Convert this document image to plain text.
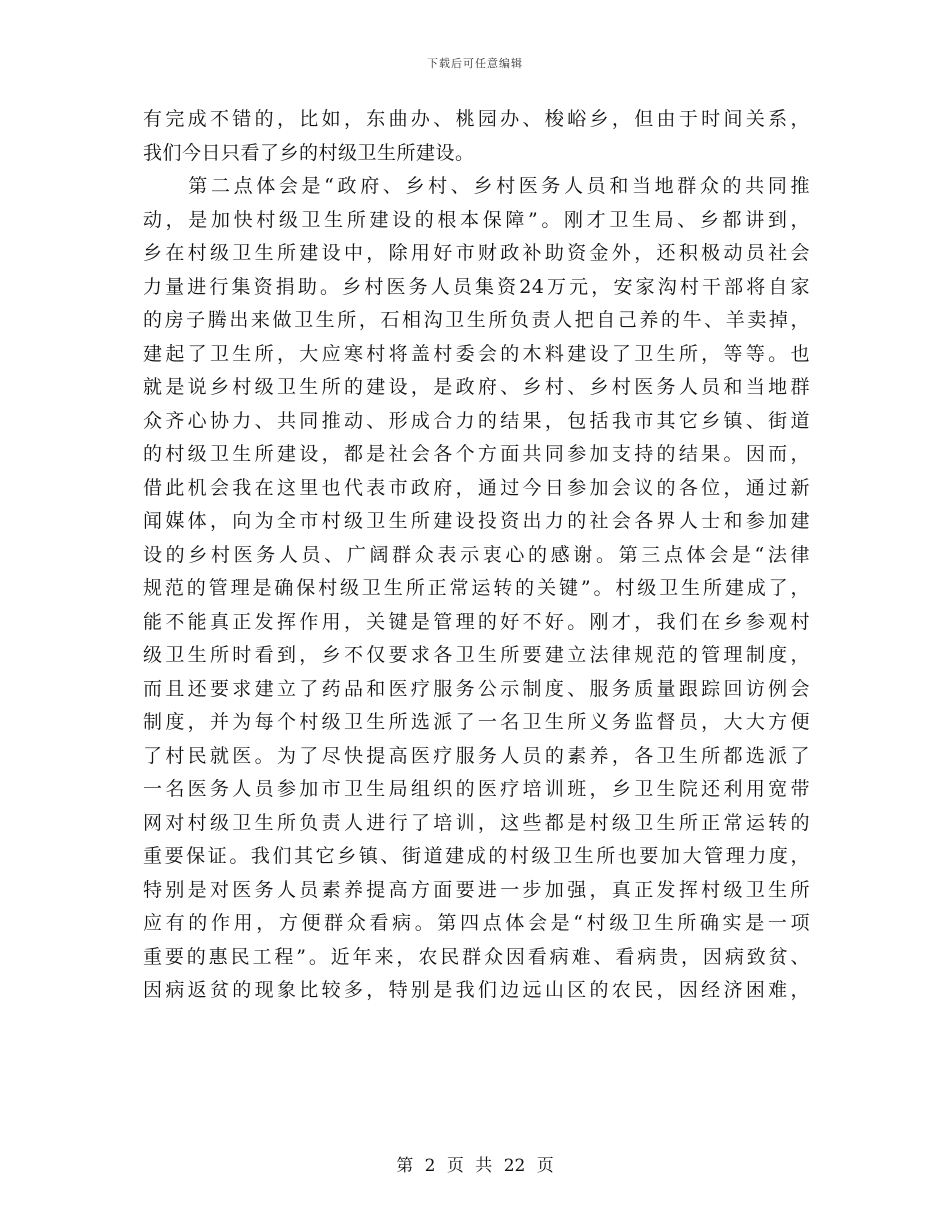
下载后可任意编辑
有完成不错的，比如，东曲办、桃园办、梭峪乡，但由于时间关系，
我们今日只看了乡的村级卫生所建设。
　　第二点体会是“政府、乡村、乡村医务人员和当地群众的共同推
动，是加快村级卫生所建设的根本保障”。刚才卫生局、乡都讲到，
乡在村级卫生所建设中，除用好市财政补助资金外，还积极动员社会
力量进行集资捐助。乡村医务人员集资24万元，安家沟村干部将自家
的房子腾出来做卫生所，石相沟卫生所负责人把自己养的牛、羊卖掉，
建起了卫生所，大应寒村将盖村委会的木料建设了卫生所，等等。也
就是说乡村级卫生所的建设，是政府、乡村、乡村医务人员和当地群
众齐心协力、共同推动、形成合力的结果，包括我市其它乡镇、街道
的村级卫生所建设，都是社会各个方面共同参加支持的结果。因而，
借此机会我在这里也代表市政府，通过今日参加会议的各位，通过新
闻媒体，向为全市村级卫生所建设投资出力的社会各界人士和参加建
设的乡村医务人员、广阔群众表示衷心的感谢。第三点体会是“法律
规范的管理是确保村级卫生所正常运转的关键”。村级卫生所建成了，
能不能真正发挥作用，关键是管理的好不好。刚才，我们在乡参观村
级卫生所时看到，乡不仅要求各卫生所要建立法律规范的管理制度，
而且还要求建立了药品和医疗服务公示制度、服务质量跟踪回访例会
制度，并为每个村级卫生所选派了一名卫生所义务监督员，大大方便
了村民就医。为了尽快提高医疗服务人员的素养，各卫生所都选派了
一名医务人员参加市卫生局组织的医疗培训班，乡卫生院还利用宽带
网对村级卫生所负责人进行了培训，这些都是村级卫生所正常运转的
重要保证。我们其它乡镇、街道建成的村级卫生所也要加大管理力度，
特别是对医务人员素养提高方面要进一步加强，真正发挥村级卫生所
应有的作用，方便群众看病。第四点体会是“村级卫生所确实是一项
重要的惠民工程”。近年来，农民群众因看病难、看病贵，因病致贫、
因病返贫的现象比较多，特别是我们边远山区的农民，因经济困难，
第 2 页 共 22 页
